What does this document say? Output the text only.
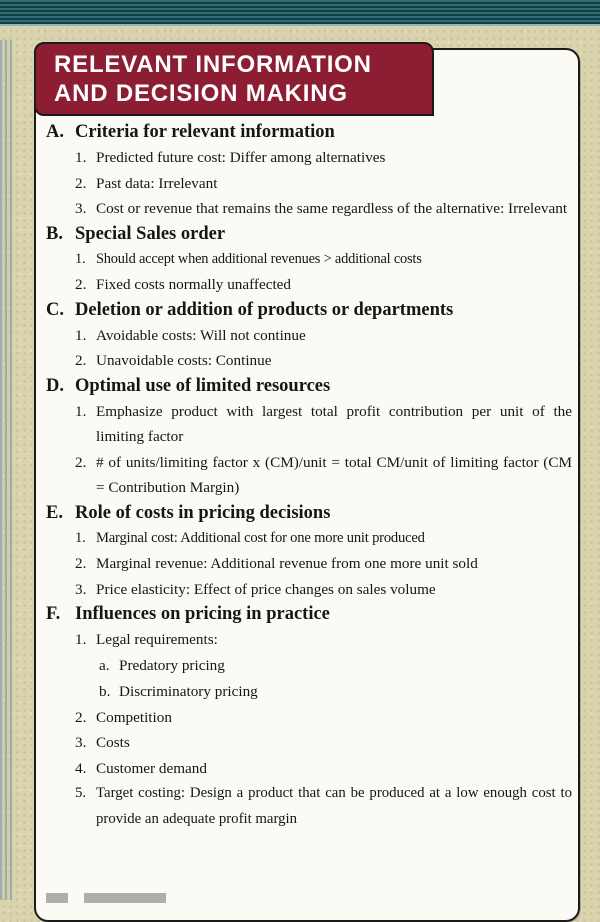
RELEVANT INFORMATION
AND DECISION MAKING
A. Criteria for relevant information
1. Predicted future cost: Differ among alternatives
2. Past data: Irrelevant
3. Cost or revenue that remains the same regardless of the alternative: Irrelevant
B. Special Sales order
1. Should accept when additional revenues > additional costs
2. Fixed costs normally unaffected
C. Deletion or addition of products or departments
1. Avoidable costs: Will not continue
2. Unavoidable costs: Continue
D. Optimal use of limited resources
1. Emphasize product with largest total profit contribution per unit of the limiting factor
2. # of units/limiting factor x (CM)/unit = total CM/unit of limiting factor (CM = Contribution Margin)
E. Role of costs in pricing decisions
1. Marginal cost: Additional cost for one more unit produced
2. Marginal revenue: Additional revenue from one more unit sold
3. Price elasticity: Effect of price changes on sales volume
F. Influences on pricing in practice
1. Legal requirements:
a. Predatory pricing
b. Discriminatory pricing
2. Competition
3. Costs
4. Customer demand
5. Target costing: Design a product that can be produced at a low enough cost to provide an adequate profit margin
